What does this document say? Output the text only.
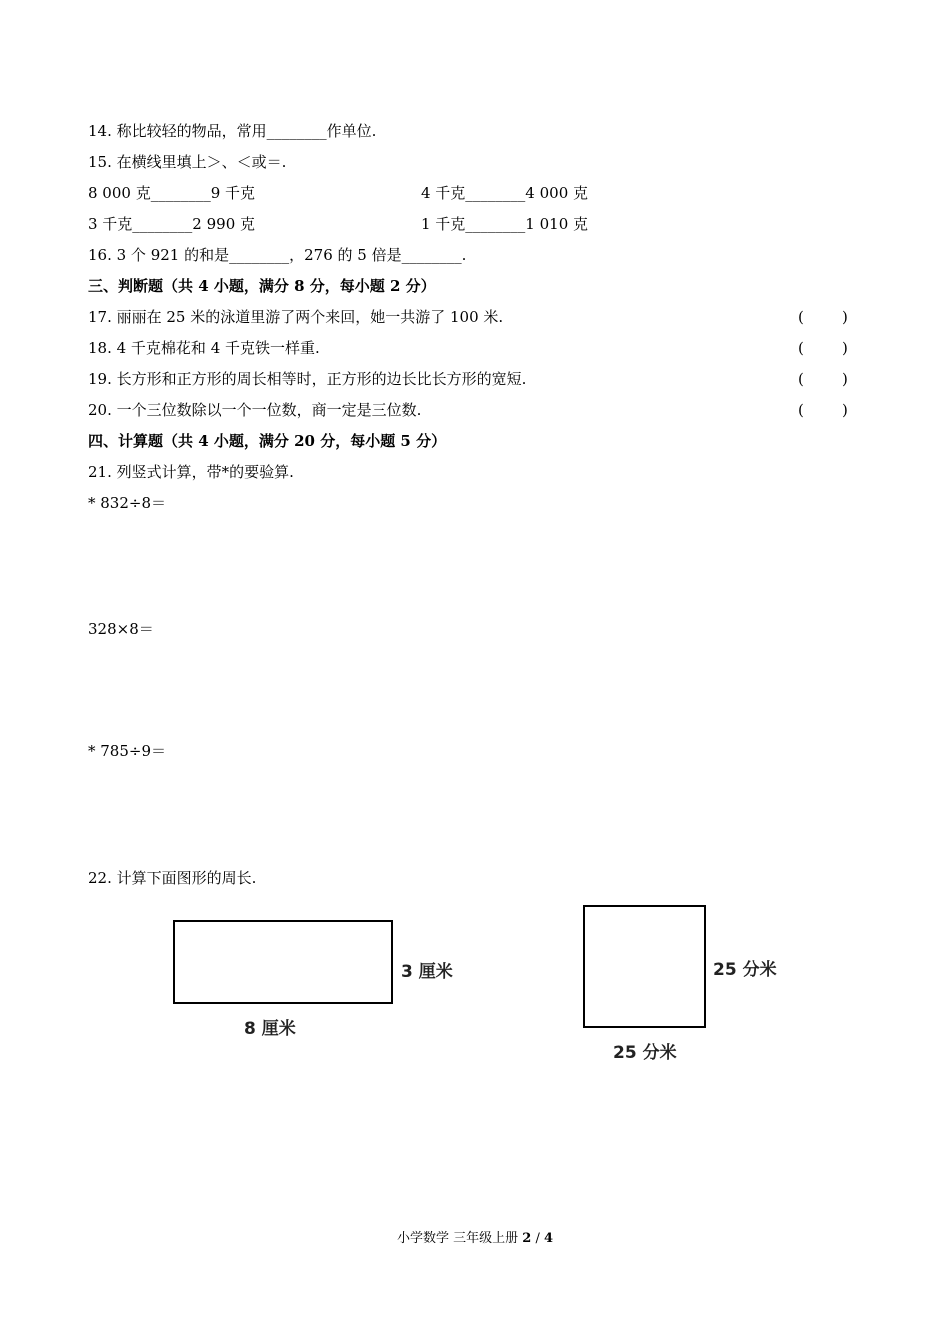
14. 称比较轻的物品，常用________作单位.
15. 在横线里填上＞、＜或＝.
8 000 克________9 千克	4 千克________4 000 克
3 千克________2 990 克	1 千克________1 010 克
16. 3 个 921 的和是________，276 的 5 倍是________.
三、判断题（共 4 小题，满分 8 分，每小题 2 分）
17. 丽丽在 25 米的泳道里游了两个来回，她一共游了 100 米.	(        )
18. 4 千克棉花和 4 千克铁一样重.	(        )
19. 长方形和正方形的周长相等时，正方形的边长比长方形的宽短.	(        )
20. 一个三位数除以一个一位数，商一定是三位数.	(        )
四、计算题（共 4 小题，满分 20 分，每小题 5 分）
21. 列竖式计算，带*的要验算.
* 832÷8＝
328×8＝
* 785÷9＝
22. 计算下面图形的周长.
3 厘米
8 厘米
25 分米
25 分米
小学数学 三年级上册 2 / 4
